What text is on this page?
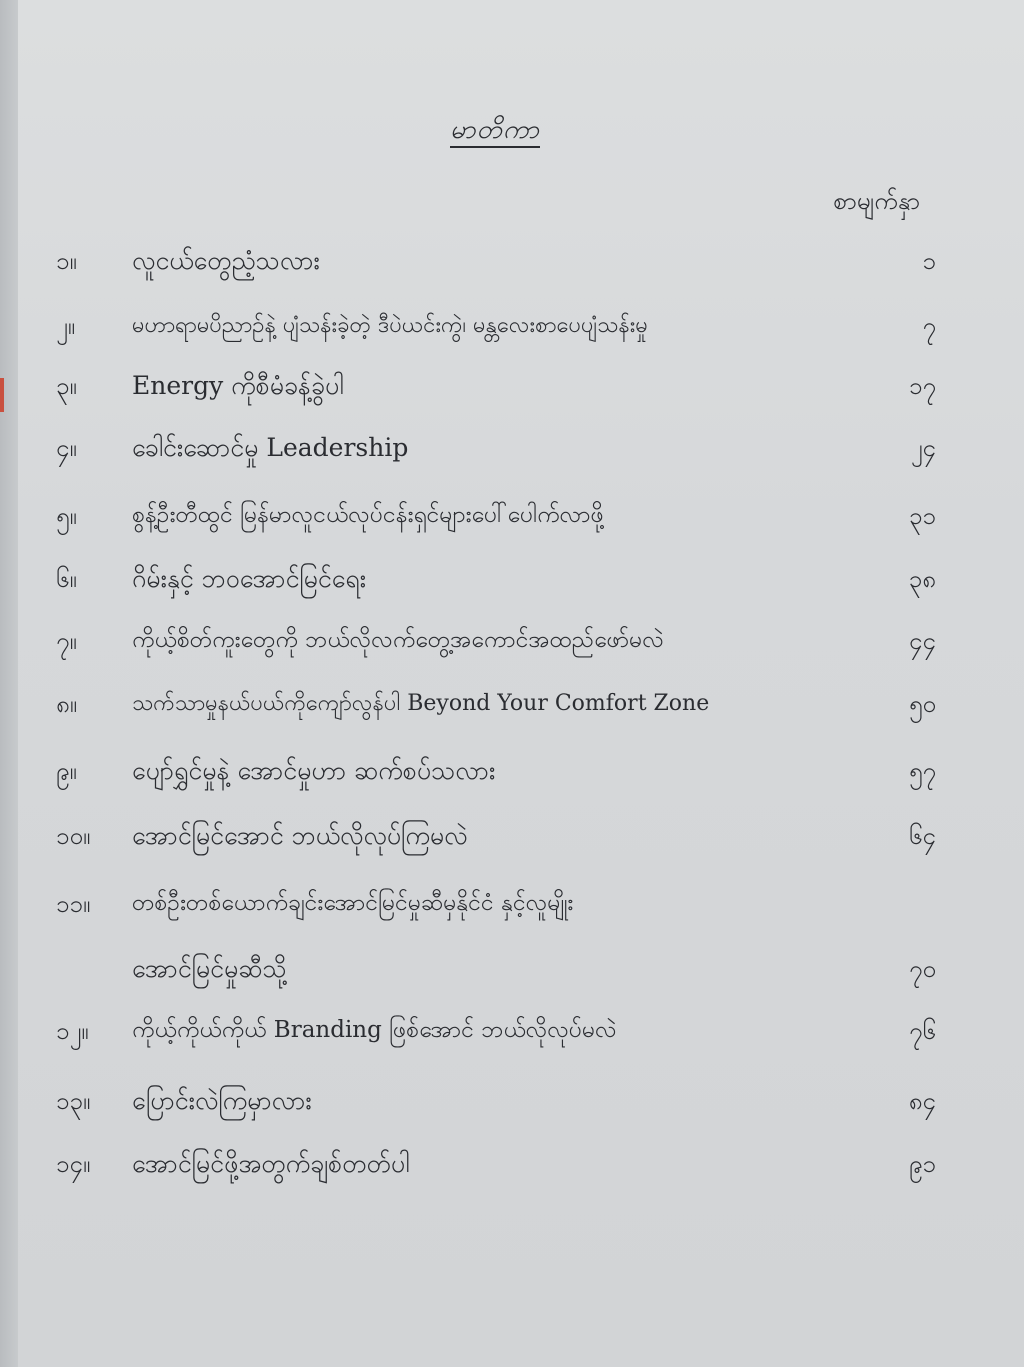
မာတိကာ
စာမျက်နှာ
၁။	လူငယ်တွေညံ့သလား	၁
၂။	မဟာရာမပိညာဉ်နဲ့ ပျံသန်းခဲ့တဲ့ ဒီပဲယင်းကွဲ၊ မန္တလေးစာပေပျံသန်းမှု	၇
၃။	Energy ကိုစီမံခန့်ခွဲပါ	၁၇
၄။	ခေါင်းဆောင်မှု Leadership	၂၄
၅။	စွန့်ဦးတီထွင် မြန်မာလူငယ်လုပ်ငန်းရှင်များပေါ်ပေါက်လာဖို့	၃၁
၆။	ဂိမ်းနှင့် ဘဝအောင်မြင်ရေး	၃၈
၇။	ကိုယ့်စိတ်ကူးတွေကို ဘယ်လိုလက်တွေ့အကောင်အထည်ဖော်မလဲ	၄၄
၈။	သက်သာမှုနယ်ပယ်ကိုကျော်လွန်ပါ Beyond Your Comfort Zone	၅၀
၉။	ပျော်ရွှင်မှုနဲ့ အောင်မှုဟာ ဆက်စပ်သလား	၅၇
၁၀။	အောင်မြင်အောင် ဘယ်လိုလုပ်ကြမလဲ	၆၄
၁၁။	တစ်ဦးတစ်ယောက်ချင်းအောင်မြင်မှုဆီမှနိုင်ငံ နှင့်လူမျိုး
အောင်မြင်မှုဆီသို့	၇၀
၁၂။	ကိုယ့်ကိုယ်ကိုယ် Branding ဖြစ်အောင် ဘယ်လိုလုပ်မလဲ	၇၆
၁၃။	ပြောင်းလဲကြမှာလား	၈၄
၁၄။	အောင်မြင်ဖို့အတွက်ချစ်တတ်ပါ	၉၁
